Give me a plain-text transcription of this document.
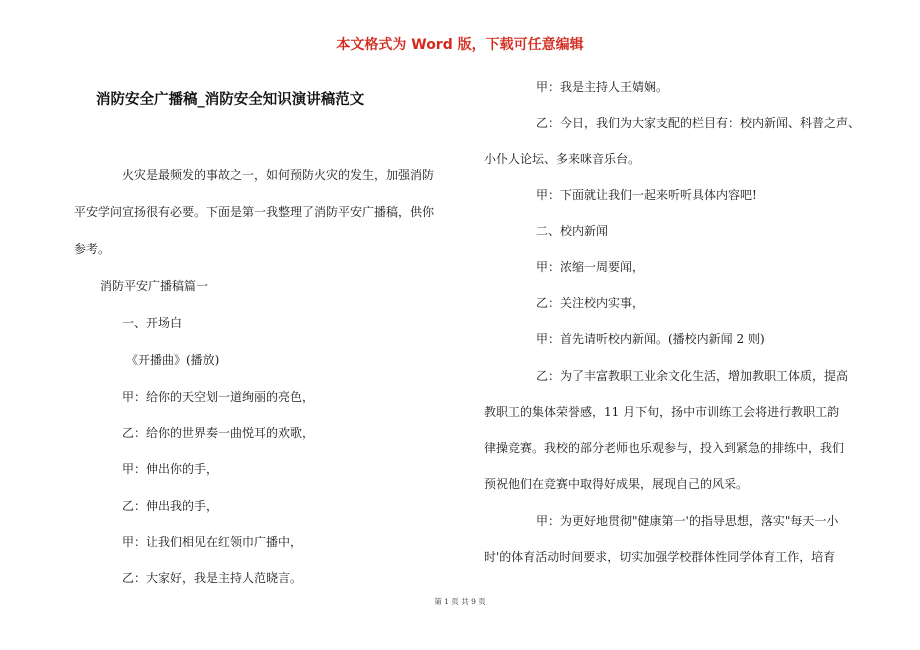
本文格式为 Word 版，下载可任意编辑
消防安全广播稿_消防安全知识演讲稿范文

火灾是最频发的事故之一，如何预防火灾的发生，加强消防

平安学问宣扬很有必要。下面是第一我整理了消防平安广播稿，供你

参考。

消防平安广播稿篇一

一、开场白

《开播曲》(播放)

甲：给你的天空划一道绚丽的亮色，

乙：给你的世界奏一曲悦耳的欢歌，

甲：伸出你的手，

乙：伸出我的手，

甲：让我们相见在红领巾广播中，

乙：大家好，我是主持人范晓言。

甲：我是主持人王婧娴。

乙：今日，我们为大家支配的栏目有：校内新闻、科普之声、

小仆人论坛、多来咪音乐台。

甲：下面就让我们一起来听听具体内容吧!

二、校内新闻

甲：浓缩一周要闻，

乙：关注校内实事，

甲：首先请听校内新闻。(播校内新闻 2 则)

乙：为了丰富教职工业余文化生活，增加教职工体质，提高

教职工的集体荣誉感，11 月下旬，扬中市训练工会将进行教职工韵

律操竞赛。我校的部分老师也乐观参与，投入到紧急的排练中，我们

预祝他们在竞赛中取得好成果，展现自己的风采。

甲：为更好地贯彻"健康第一'的指导思想，落实"每天一小

时'的体育活动时间要求，切实加强学校群体性同学体育工作，培育

第 1 页 共 9 页
